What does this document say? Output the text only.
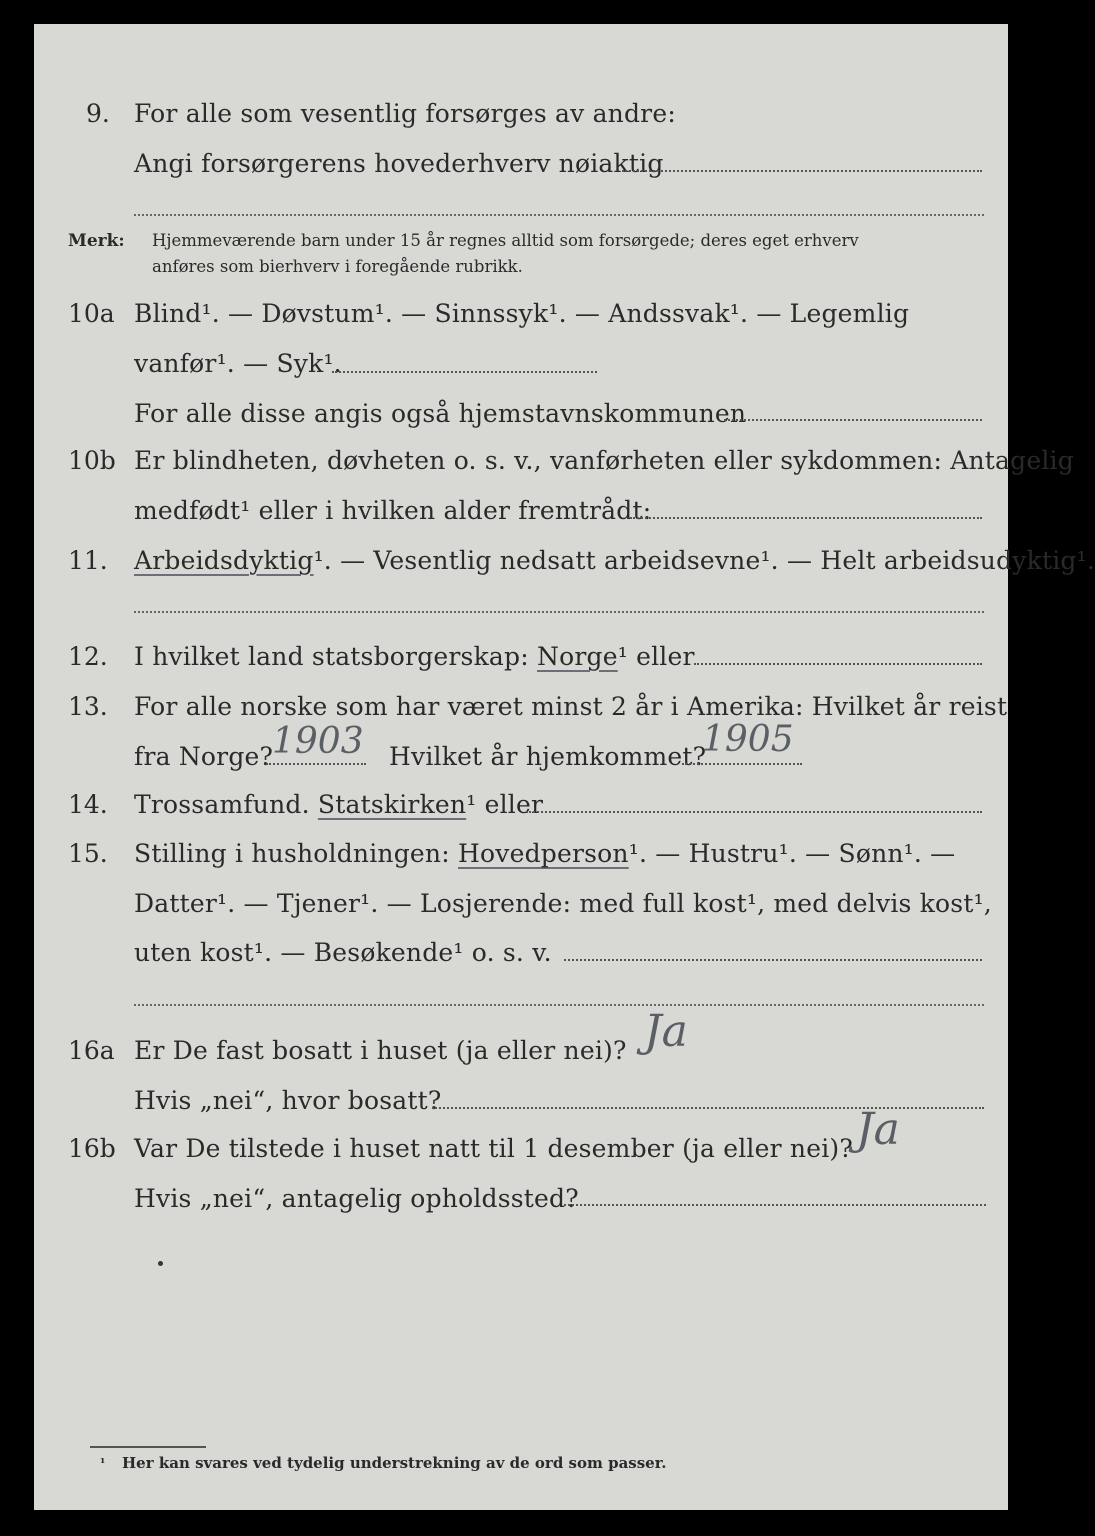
9. For alle som vesentlig forsørges av andre:
Angi forsørgerens hovederhverv nøiaktig
Merk: Hjemmeværende barn under 15 år regnes alltid som forsørgede; deres eget erhverv
anføres som bierhverv i foregående rubrikk.
10a Blind¹. — Døvstum¹. — Sinnssyk¹. — Andssvak¹. — Legemlig
vanfør¹. — Syk¹.
For alle disse angis også hjemstavnskommunen
10b Er blindheten, døvheten o. s. v., vanførheten eller sykdommen: Antagelig
medfødt¹ eller i hvilken alder fremtrådt:
11. Arbeidsdyktig¹. — Vesentlig nedsatt arbeidsevne¹. — Helt arbeidsudyktig¹.
12. I hvilket land statsborgerskap: Norge¹ eller
13. For alle norske som har været minst 2 år i Amerika: Hvilket år reist
fra Norge?
1903 Hvilket år hjemkommet?
1905
14. Trossamfund. Statskirken¹ eller
15. Stilling i husholdningen: Hovedperson¹. — Hustru¹. — Sønn¹. —
Datter¹. — Tjener¹. — Losjerende: med full kost¹, med delvis kost¹,
uten kost¹. — Besøkende¹ o. s. v.
16a Er De fast bosatt i huset (ja eller nei)? Ja
Hvis „nei“, hvor bosatt?
16b Var De tilstede i huset natt til 1 desember (ja eller nei)? Ja
Hvis „nei“, antagelig opholdssted?
¹ Her kan svares ved tydelig understrekning av de ord som passer.
